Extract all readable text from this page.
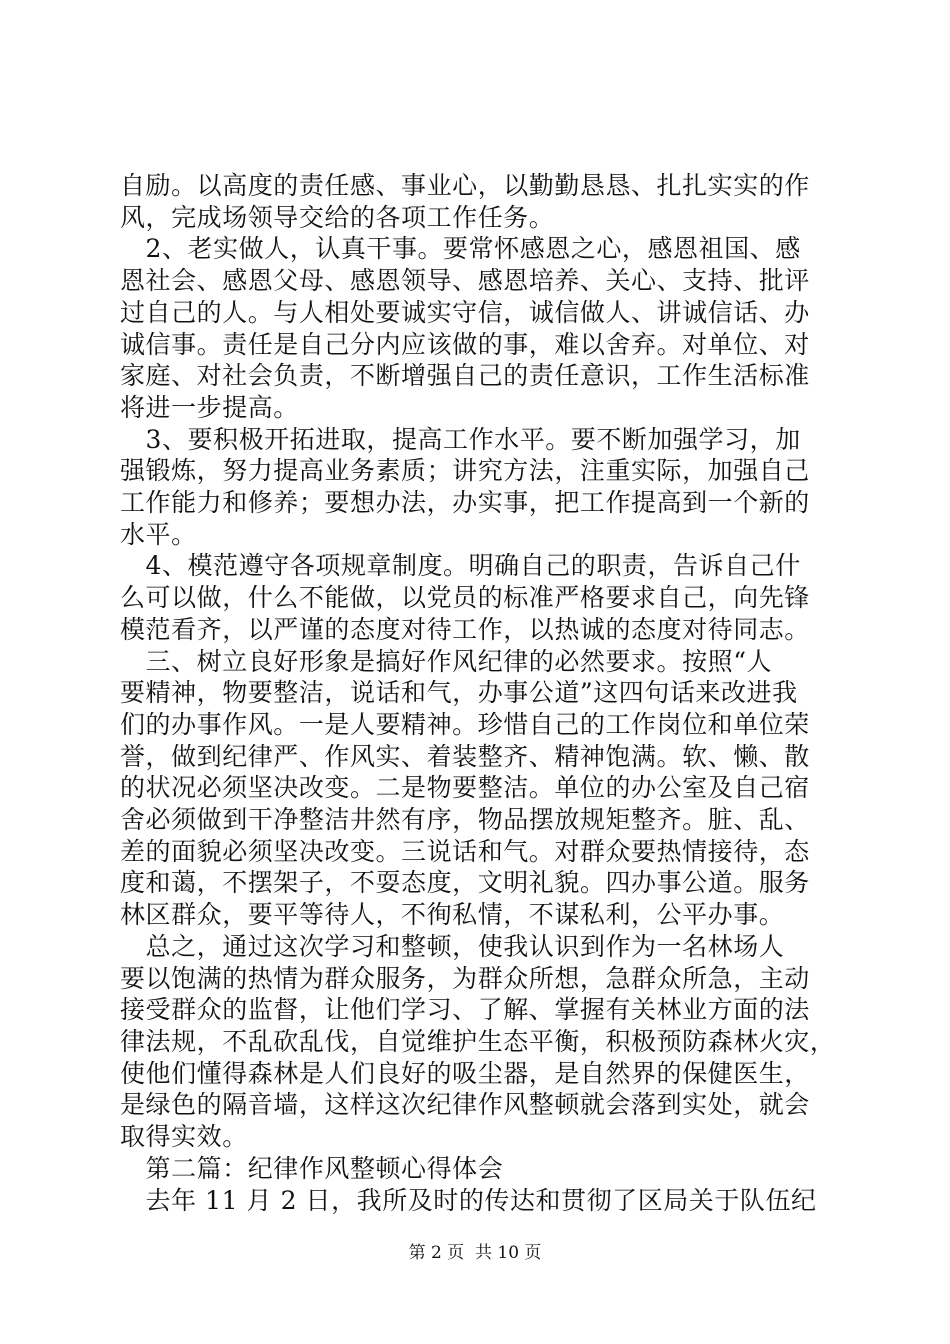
自励。以高度的责任感、事业心，以勤勤恳恳、扎扎实实的作
风，完成场领导交给的各项工作任务。
　2、老实做人，认真干事。要常怀感恩之心，感恩祖国、感
恩社会、感恩父母、感恩领导、感恩培养、关心、支持、批评
过自己的人。与人相处要诚实守信，诚信做人、讲诚信话、办
诚信事。责任是自己分内应该做的事，难以舍弃。对单位、对
家庭、对社会负责，不断增强自己的责任意识，工作生活标准
将进一步提高。
　3、要积极开拓进取，提高工作水平。要不断加强学习，加
强锻炼，努力提高业务素质；讲究方法，注重实际，加强自己
工作能力和修养；要想办法，办实事，把工作提高到一个新的
水平。
　4、模范遵守各项规章制度。明确自己的职责，告诉自己什
么可以做，什么不能做，以党员的标准严格要求自己，向先锋
模范看齐，以严谨的态度对待工作，以热诚的态度对待同志。
　三、树立良好形象是搞好作风纪律的必然要求。按照“人
要精神，物要整洁，说话和气，办事公道”这四句话来改进我
们的办事作风。一是人要精神。珍惜自己的工作岗位和单位荣
誉，做到纪律严、作风实、着装整齐、精神饱满。软、懒、散
的状况必须坚决改变。二是物要整洁。单位的办公室及自己宿
舍必须做到干净整洁井然有序，物品摆放规矩整齐。脏、乱、
差的面貌必须坚决改变。三说话和气。对群众要热情接待，态
度和蔼，不摆架子，不耍态度，文明礼貌。四办事公道。服务
林区群众，要平等待人，不徇私情，不谋私利，公平办事。
　总之，通过这次学习和整顿，使我认识到作为一名林场人
要以饱满的热情为群众服务，为群众所想，急群众所急，主动
接受群众的监督，让他们学习、了解、掌握有关林业方面的法
律法规，不乱砍乱伐，自觉维护生态平衡，积极预防森林火灾，
使他们懂得森林是人们良好的吸尘器，是自然界的保健医生，
是绿色的隔音墙，这样这次纪律作风整顿就会落到实处，就会
取得实效。
　第二篇：纪律作风整顿心得体会
　去年 11 月 2 日，我所及时的传达和贯彻了区局关于队伍纪
第 2 页  共 10 页
